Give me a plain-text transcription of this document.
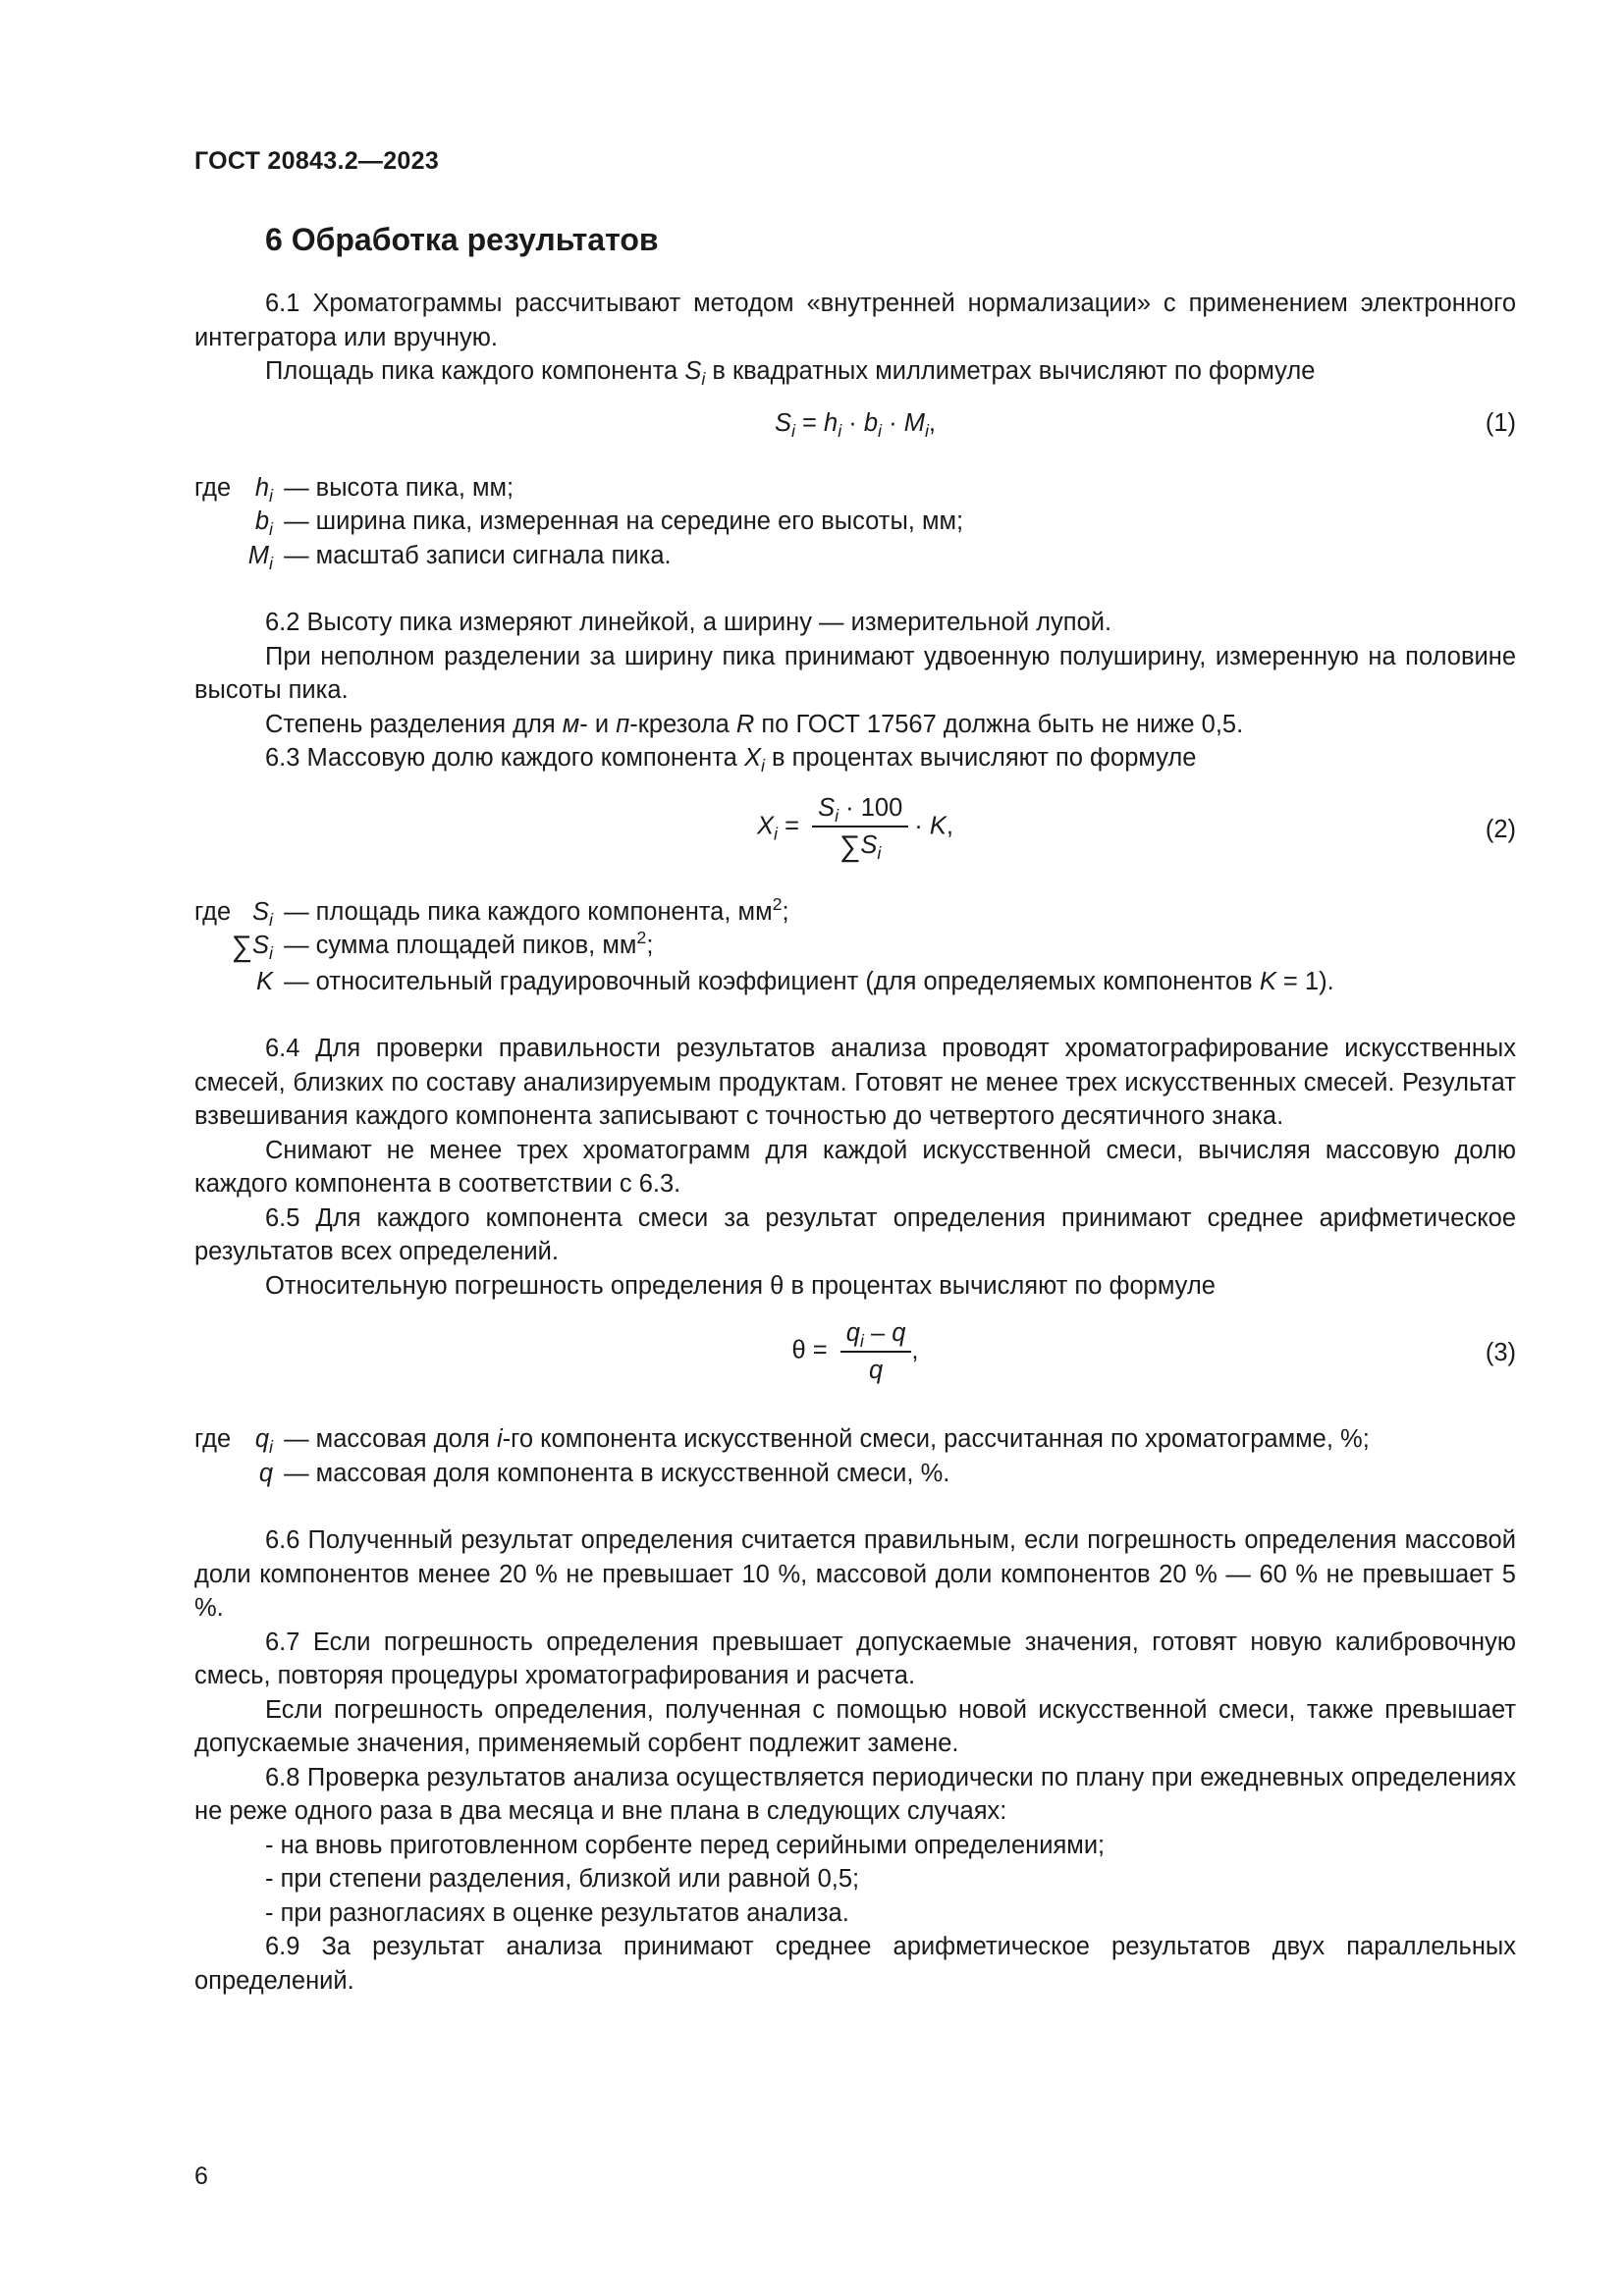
ГОСТ 20843.2—2023
6 Обработка результатов

6.1 Хроматограммы рассчитывают методом «внутренней нормализации» с применением электронного интегратора или вручную.

Площадь пика каждого компонента $S_i$ в квадратных миллиметрах вычисляют по формуле

$S_i = h_i \cdot b_i \cdot M_i$,	(1)

где $h_i$ — высота пика, мм;

$b_i$ — ширина пика, измеренная на середине его высоты, мм;

$M_i$ — масштаб записи сигнала пика.

6.2 Высоту пика измеряют линейкой, а ширину — измерительной лупой.

При неполном разделении за ширину пика принимают удвоенную полуширину, измеренную на половине высоты пика.

Степень разделения для м- и п-крезола R по ГОСТ 17567 должна быть не ниже 0,5.

6.3 Массовую долю каждого компонента $X_i$ в процентах вычисляют по формуле

$X_i = \frac{S_i \cdot 100}{\sum S_i} \cdot K$,	(2)

где $S_i$ — площадь пика каждого компонента, $мм^2$;

$\sum S_i$ — сумма площадей пиков, $мм^2$;

K — относительный градуировочный коэффициент (для определяемых компонентов K = 1).

6.4 Для проверки правильности результатов анализа проводят хроматографирование искусственных смесей, близких по составу анализируемым продуктам. Готовят не менее трех искусственных смесей. Результат взвешивания каждого компонента записывают с точностью до четвертого десятичного знака.

Снимают не менее трех хроматограмм для каждой искусственной смеси, вычисляя массовую долю каждого компонента в соответствии с 6.3.

6.5 Для каждого компонента смеси за результат определения принимают среднее арифметическое результатов всех определений.

Относительную погрешность определения θ в процентах вычисляют по формуле

$\theta = \frac{q_i - q}{q}$ ,	(3)

где $q_i$ — массовая доля i-го компонента искусственной смеси, рассчитанная по хроматограмме, %;

q — массовая доля компонента в искусственной смеси, %.

6.6 Полученный результат определения считается правильным, если погрешность определения массовой доли компонентов менее 20 % не превышает 10 %, массовой доли компонентов 20 % — 60 % не превышает 5 %.

6.7 Если погрешность определения превышает допускаемые значения, готовят новую калибровочную смесь, повторяя процедуры хроматографирования и расчета.

Если погрешность определения, полученная с помощью новой искусственной смеси, также превышает допускаемые значения, применяемый сорбент подлежит замене.

6.8 Проверка результатов анализа осуществляется периодически по плану при ежедневных определениях не реже одного раза в два месяца и вне плана в следующих случаях:

- на вновь приготовленном сорбенте перед серийными определениями;

- при степени разделения, близкой или равной 0,5;

- при разногласиях в оценке результатов анализа.

6.9 За результат анализа принимают среднее арифметическое результатов двух параллельных определений.

6
